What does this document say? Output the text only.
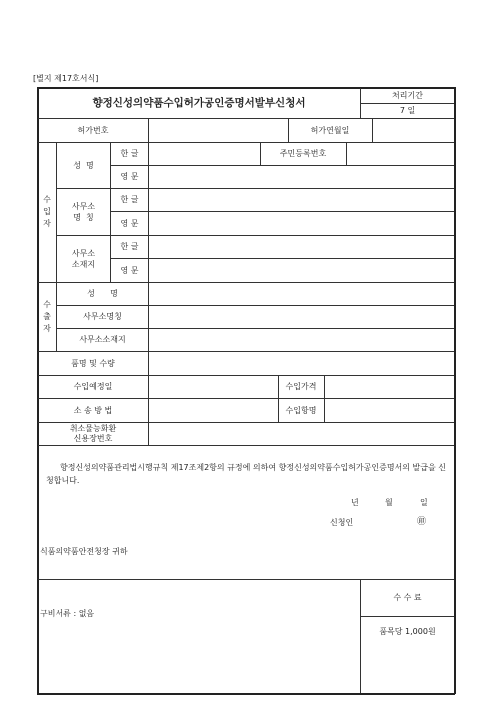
[별지 제17호서식]
향정신성의약품수입허가공인증명서발부신청서
처리기간
7 일
허가번호	허가연월일
수
입
자
성  명
한 글	주민등록번호
영 문
사무소
명  칭
한 글
영 문
사무소
소재지
한 글
영 문
수
출
자
성      명
사무소명칭
사무소소재지
품명 및 수량
수입예정일	수입가격
소 송 방 법	수입항명
취소물능화환
신용장번호
향정신성의약품관리법시행규칙 제17조제2항의 규정에 의하여 향정신성의약품수입허가공인증명서의 발급을 신청합니다.
년	월	일
신청인	㊞
식품의약품안전청장 귀하
수 수 료
구비서류 : 없음
품목당 1,000원
